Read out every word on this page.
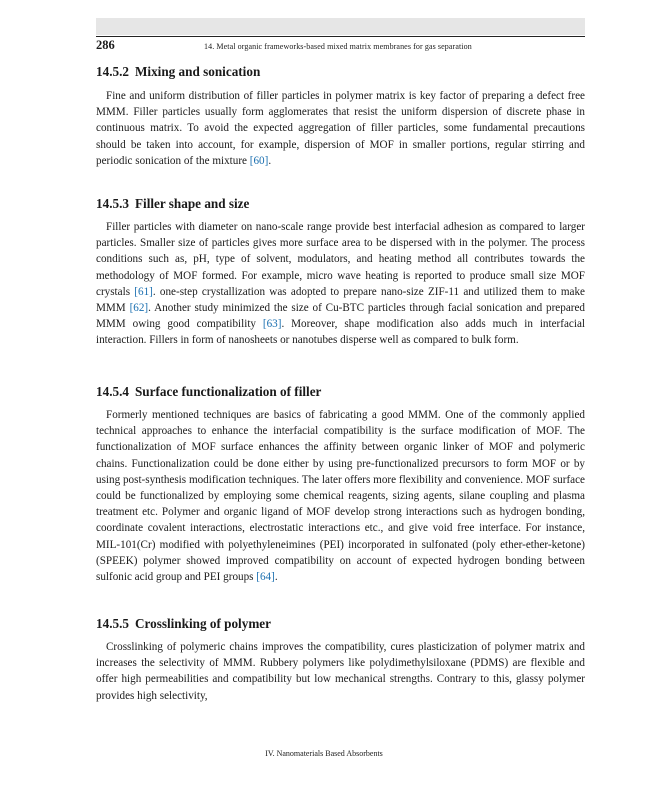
286	14. Metal organic frameworks-based mixed matrix membranes for gas separation
14.5.2 Mixing and sonication

Fine and uniform distribution of filler particles in polymer matrix is key factor of preparing a defect free MMM. Filler particles usually form agglomerates that resist the uniform dispersion of discrete phase in continuous matrix. To avoid the expected aggregation of filler particles, some fundamental precautions should be taken into account, for example, dispersion of MOF in smaller portions, regular stirring and periodic sonication of the mixture [60].

14.5.3 Filler shape and size

Filler particles with diameter on nano-scale range provide best interfacial adhesion as compared to larger particles. Smaller size of particles gives more surface area to be dispersed with in the polymer. The process conditions such as, pH, type of solvent, modulators, and heating method all contributes towards the methodology of MOF formed. For example, micro wave heating is reported to produce small size MOF crystals [61]. one-step crystallization was adopted to prepare nano-size ZIF-11 and utilized them to make MMM [62]. Another study minimized the size of Cu-BTC particles through facial sonication and prepared MMM owing good compatibility [63]. Moreover, shape modification also adds much in interfacial interaction. Fillers in form of nanosheets or nanotubes disperse well as compared to bulk form.

14.5.4 Surface functionalization of filler

Formerly mentioned techniques are basics of fabricating a good MMM. One of the commonly applied technical approaches to enhance the interfacial compatibility is the surface modification of MOF. The functionalization of MOF surface enhances the affinity between organic linker of MOF and polymeric chains. Functionalization could be done either by using pre-functionalized precursors to form MOF or by using post-synthesis modification techniques. The later offers more flexibility and convenience. MOF surface could be functionalized by employing some chemical reagents, sizing agents, silane coupling and plasma treatment etc. Polymer and organic ligand of MOF develop strong interactions such as hydrogen bonding, coordinate covalent interactions, electrostatic interactions etc., and give void free interface. For instance, MIL-101(Cr) modified with polyethyleneimines (PEI) incorporated in sulfonated (poly ether-ether-ketone) (SPEEK) polymer showed improved compatibility on account of expected hydrogen bonding between sulfonic acid group and PEI groups [64].

14.5.5 Crosslinking of polymer

Crosslinking of polymeric chains improves the compatibility, cures plasticization of polymer matrix and increases the selectivity of MMM. Rubbery polymers like polydimethylsiloxane (PDMS) are flexible and offer high permeabilities and compatibility but low mechanical strengths. Contrary to this, glassy polymer provides high selectivity,

IV. Nanomaterials Based Absorbents
